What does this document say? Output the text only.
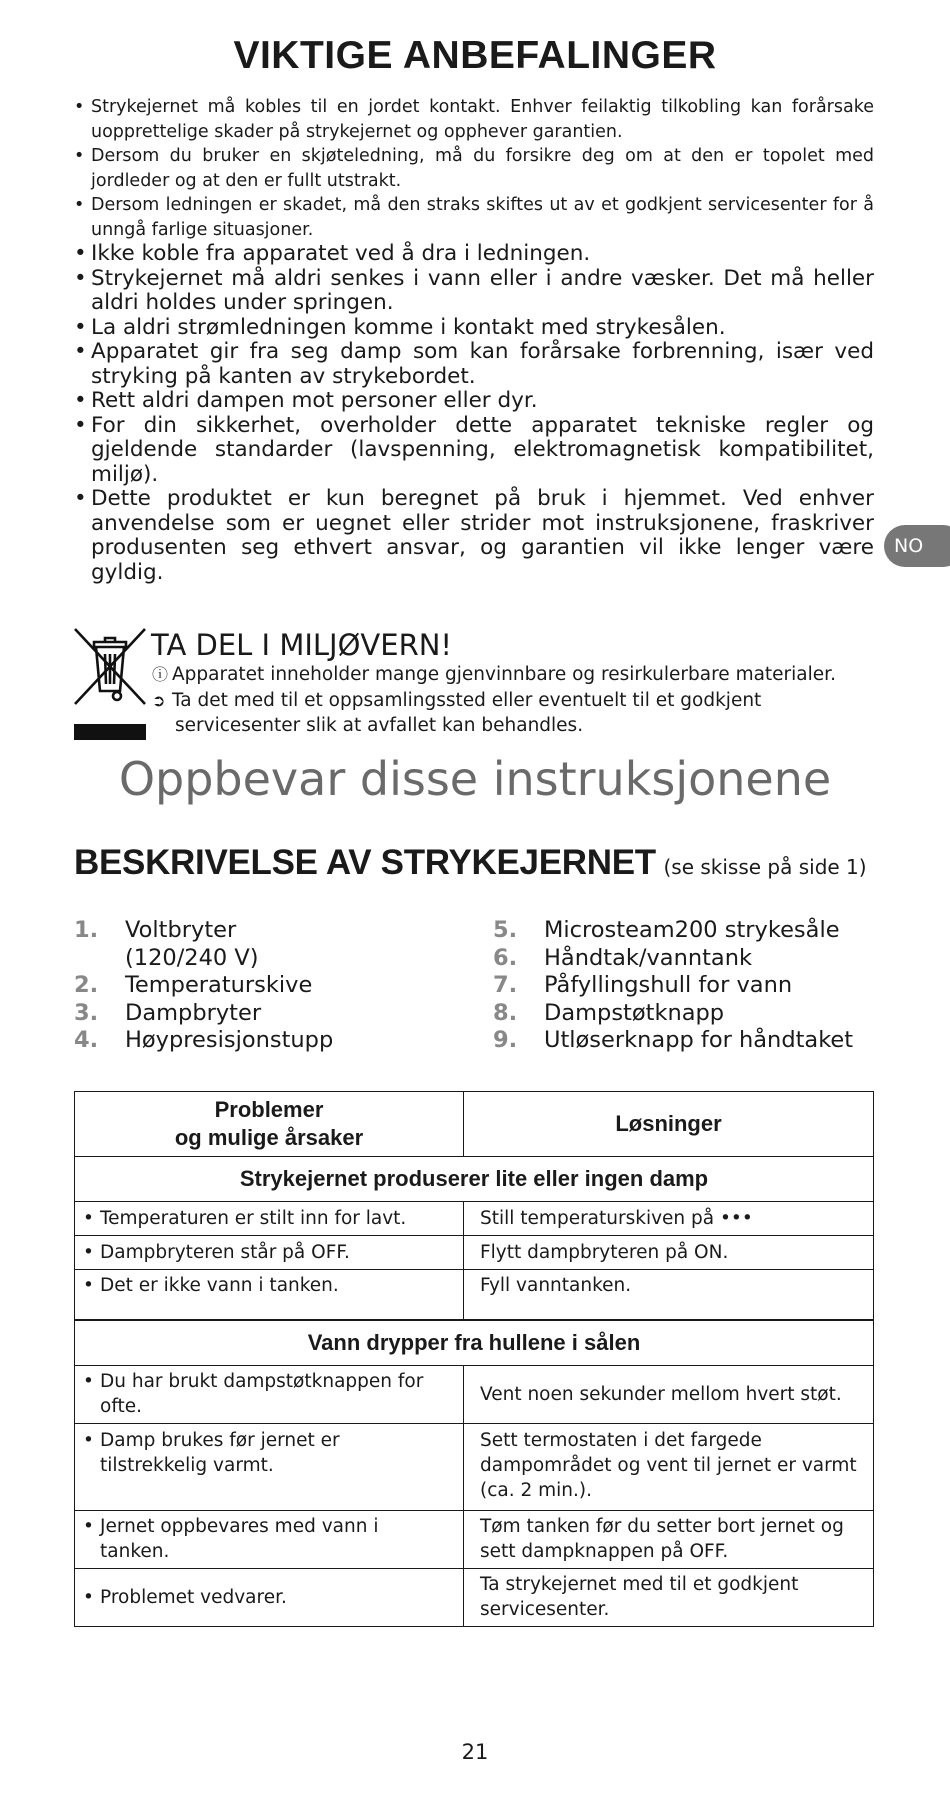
VIKTIGE ANBEFALINGER
• Strykejernet må kobles til en jordet kontakt. Enhver feilaktig tilkobling kan forårsake uopprettelige skader på strykejernet og opphever garantien.
• Dersom du bruker en skjøteledning, må du forsikre deg om at den er topolet med jordleder og at den er fullt utstrakt.
• Dersom ledningen er skadet, må den straks skiftes ut av et godkjent servicesenter for å unngå farlige situasjoner.
• Ikke koble fra apparatet ved å dra i ledningen.
• Strykejernet må aldri senkes i vann eller i andre væsker. Det må heller aldri holdes under springen.
• La aldri strømledningen komme i kontakt med strykesålen.
• Apparatet gir fra seg damp som kan forårsake forbrenning, især ved stryking på kanten av strykebordet.
• Rett aldri dampen mot personer eller dyr.
• For din sikkerhet, overholder dette apparatet tekniske regler og gjeldende standarder (lavspenning, elektromagnetisk kompatibilitet, miljø).
• Dette produktet er kun beregnet på bruk i hjemmet. Ved enhver anvendelse som er uegnet eller strider mot instruksjonene, fraskriver produsenten seg ethvert ansvar, og garantien vil ikke lenger være gyldig.
NO
TA DEL I MILJØVERN!
ⓘ Apparatet inneholder mange gjenvinnbare og resirkulerbare materialer.
➲ Ta det med til et oppsamlingssted eller eventuelt til et godkjent
servicesenter slik at avfallet kan behandles.
Oppbevar disse instruksjonene
BESKRIVELSE AV STRYKEJERNET (se skisse på side 1)
1.	Voltbryter
(120/240 V)
2.	Temperaturskive
3.	Dampbryter
4.	Høypresisjonstupp
5.	Microsteam200 strykesåle
6.	Håndtak/vanntank
7.	Påfyllingshull for vann
8.	Dampstøtknapp
9.	Utløserknapp for håndtaket
Problemer
og mulige årsaker	Løsninger
Strykejernet produserer lite eller ingen damp	

• Temperaturen er stilt inn for lavt.	Still temperaturskiven på •••

• Dampbryteren står på OFF.	Flytt dampbryteren på ON.

• Det er ikke vann i tanken.	Fyll vanntanken.

Vann drypper fra hullene i sålen	

• Du har brukt dampstøtknappen for ofte.	Vent noen sekunder mellom hvert støt.

• Damp brukes før jernet er tilstrekkelig varmt.	Sett termostaten i det fargede dampområdet og vent til jernet er varmt (ca. 2 min.).

• Jernet oppbevares med vann i tanken.	Tøm tanken før du setter bort jernet og sett dampknappen på OFF.

• Problemet vedvarer.	Ta strykejernet med til et godkjent servicesenter.
21
